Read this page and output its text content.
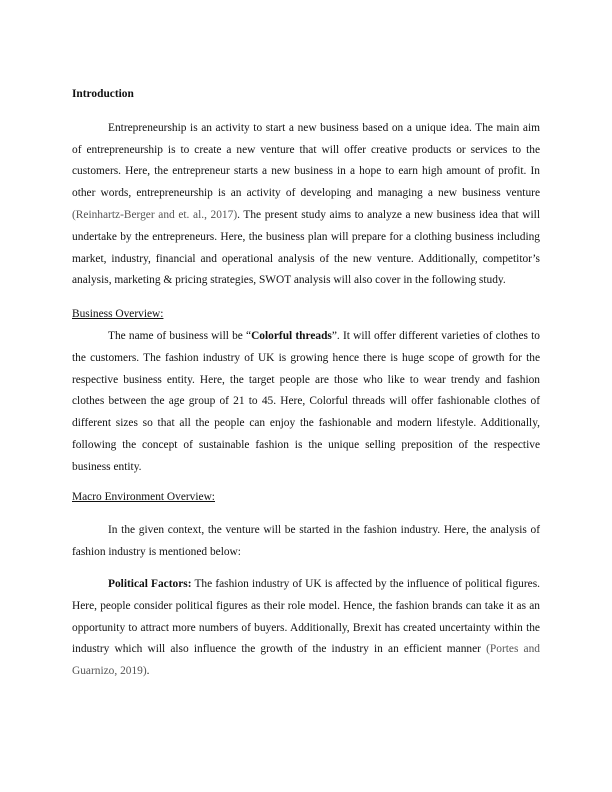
Introduction

Entrepreneurship is an activity to start a new business based on a unique idea. The main aim of entrepreneurship is to create a new venture that will offer creative products or services to the customers. Here, the entrepreneur starts a new business in a hope to earn high amount of profit. In other words, entrepreneurship is an activity of developing and managing a new business venture (Reinhartz-Berger and et. al., 2017). The present study aims to analyze a new business idea that will undertake by the entrepreneurs. Here, the business plan will prepare for a clothing business including market, industry, financial and operational analysis of the new venture. Additionally, competitor’s analysis, marketing & pricing strategies, SWOT analysis will also cover in the following study.

Business Overview:

The name of business will be “Colorful threads”. It will offer different varieties of clothes to the customers. The fashion industry of UK is growing hence there is huge scope of growth for the respective business entity. Here, the target people are those who like to wear trendy and fashion clothes between the age group of 21 to 45. Here, Colorful threads will offer fashionable clothes of different sizes so that all the people can enjoy the fashionable and modern lifestyle. Additionally, following the concept of sustainable fashion is the unique selling preposition of the respective business entity.

Macro Environment Overview:

In the given context, the venture will be started in the fashion industry. Here, the analysis of fashion industry is mentioned below:

Political Factors: The fashion industry of UK is affected by the influence of political figures. Here, people consider political figures as their role model. Hence, the fashion brands can take it as an opportunity to attract more numbers of buyers. Additionally, Brexit has created uncertainty within the industry which will also influence the growth of the industry in an efficient manner (Portes and Guarnizo, 2019).
